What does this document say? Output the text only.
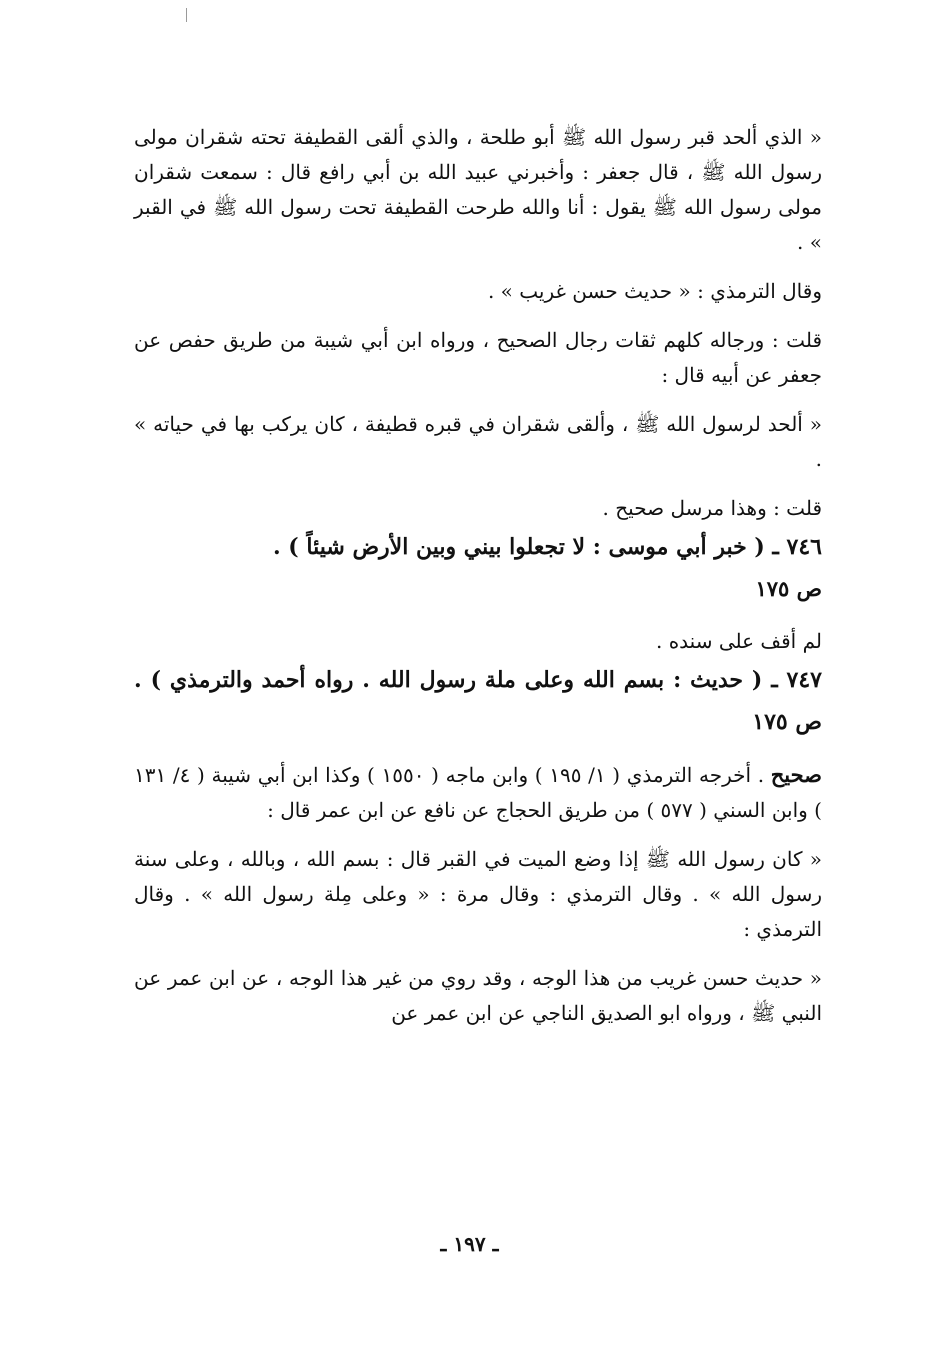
« الذي ألحد قبر رسول الله ﷺ أبو طلحة ، والذي ألقى القطيفة تحته شقران مولى رسول الله ﷺ ، قال جعفر : وأخبرني عبيد الله بن أبي رافع قال : سمعت شقران مولى رسول الله ﷺ يقول : أنا والله طرحت القطيفة تحت رسول الله ﷺ في القبر » .

وقال الترمذي : « حديث حسن غريب » .

قلت : ورجاله كلهم ثقات رجال الصحيح ، ورواه ابن أبي شيبة من طريق حفص عن جعفر عن أبيه قال :

« ألحد لرسول الله ﷺ ، وألقى شقران في قبره قطيفة ، كان يركب بها في حياته » .

قلت : وهذا مرسل صحيح .

٧٤٦ ـ ( خبر أبي موسى : لا تجعلوا بيني وبين الأرض شيئاً ) .
ص ١٧٥

لم أقف على سنده .

٧٤٧ ـ ( حديث : بسم الله وعلى ملة رسول الله . رواه أحمد والترمذي ) . ص ١٧٥

صحيح . أخرجه الترمذي ( ١/ ١٩٥ ) وابن ماجه ( ١٥٥٠ ) وكذا ابن أبي شيبة ( ٤/ ١٣١ ) وابن السني ( ٥٧٧ ) من طريق الحجاج عن نافع عن ابن عمر قال :

« كان رسول الله ﷺ إذا وضع الميت في القبر قال : بسم الله ، وبالله ، وعلى سنة رسول الله » . وقال الترمذي : وقال مرة : « وعلى مِلة رسول الله » . وقال الترمذي :

« حديث حسن غريب من هذا الوجه ، وقد روي من غير هذا الوجه ، عن ابن عمر عن النبي ﷺ ، ورواه ابو الصديق الناجي عن ابن عمر عن

ـ ١٩٧ ـ
